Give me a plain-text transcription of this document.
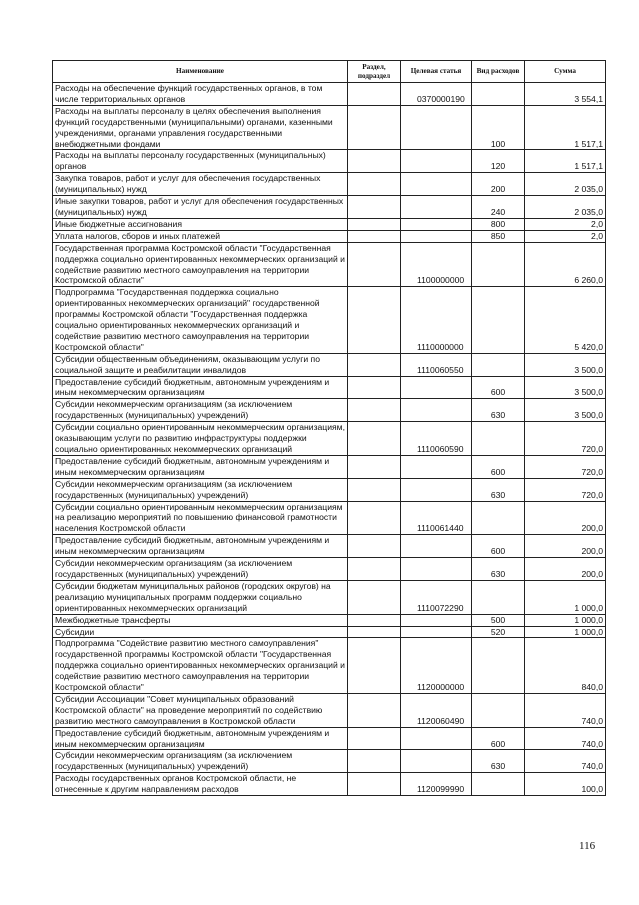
Наименование	Раздел, подраздел	Целевая статья	Вид расходов	Сумма
Расходы на обеспечение функций государственных органов, в том числе территориальных органов		0370000190		3 554,1
Расходы на выплаты персоналу в целях обеспечения выполнения функций государственными (муниципальными) органами, казенными учреждениями, органами управления государственными внебюджетными фондами			100	1 517,1
Расходы на выплаты персоналу государственных (муниципальных) органов			120	1 517,1
Закупка товаров, работ и услуг для обеспечения государственных (муниципальных) нужд			200	2 035,0
Иные закупки товаров, работ и услуг для обеспечения государственных (муниципальных) нужд			240	2 035,0
Иные бюджетные ассигнования			800	2,0
Уплата налогов, сборов и иных платежей			850	2,0
Государственная программа Костромской области "Государственная поддержка социально ориентированных некоммерческих организаций и содействие развитию местного самоуправления на территории Костромской области"		1100000000		6 260,0
Подпрограмма "Государственная поддержка социально ориентированных некоммерческих организаций" государственной программы Костромской области "Государственная поддержка социально ориентированных некоммерческих организаций и содействие развитию местного самоуправления на территории Костромской области"		1110000000		5 420,0
Субсидии общественным объединениям, оказывающим услуги по социальной защите и реабилитации инвалидов		1110060550		3 500,0
Предоставление субсидий бюджетным, автономным учреждениям и иным некоммерческим организациям			600	3 500,0
Субсидии некоммерческим организациям (за исключением государственных (муниципальных) учреждений)			630	3 500,0
Субсидии социально ориентированным некоммерческим организациям, оказывающим услуги по развитию инфраструктуры поддержки социально ориентированных некоммерческих организаций		1110060590		720,0
Предоставление субсидий бюджетным, автономным учреждениям и иным некоммерческим организациям			600	720,0
Субсидии некоммерческим организациям (за исключением государственных (муниципальных) учреждений)			630	720,0
Субсидии социально ориентированным некоммерческим организациям на реализацию мероприятий по повышению финансовой грамотности населения Костромской области		1110061440		200,0
Предоставление субсидий бюджетным, автономным учреждениям и иным некоммерческим организациям			600	200,0
Субсидии некоммерческим организациям (за исключением государственных (муниципальных) учреждений)			630	200,0
Субсидии бюджетам муниципальных районов (городских округов) на реализацию муниципальных программ поддержки социально ориентированных некоммерческих организаций		1110072290		1 000,0
Межбюджетные трансферты			500	1 000,0
Субсидии			520	1 000,0
Подпрограмма "Содействие развитию местного самоуправления" государственной программы Костромской области "Государственная поддержка социально ориентированных некоммерческих организаций и содействие развитию местного самоуправления на территории Костромской области"		1120000000		840,0
Субсидии Ассоциации "Совет муниципальных образований Костромской области" на проведение мероприятий по содействию развитию местного самоуправления в Костромской области		1120060490		740,0
Предоставление субсидий бюджетным, автономным учреждениям и иным некоммерческим организациям			600	740,0
Субсидии некоммерческим организациям (за исключением государственных (муниципальных) учреждений)			630	740,0
Расходы государственных органов Костромской области, не отнесенные к другим направлениям расходов		1120099990		100,0
116
